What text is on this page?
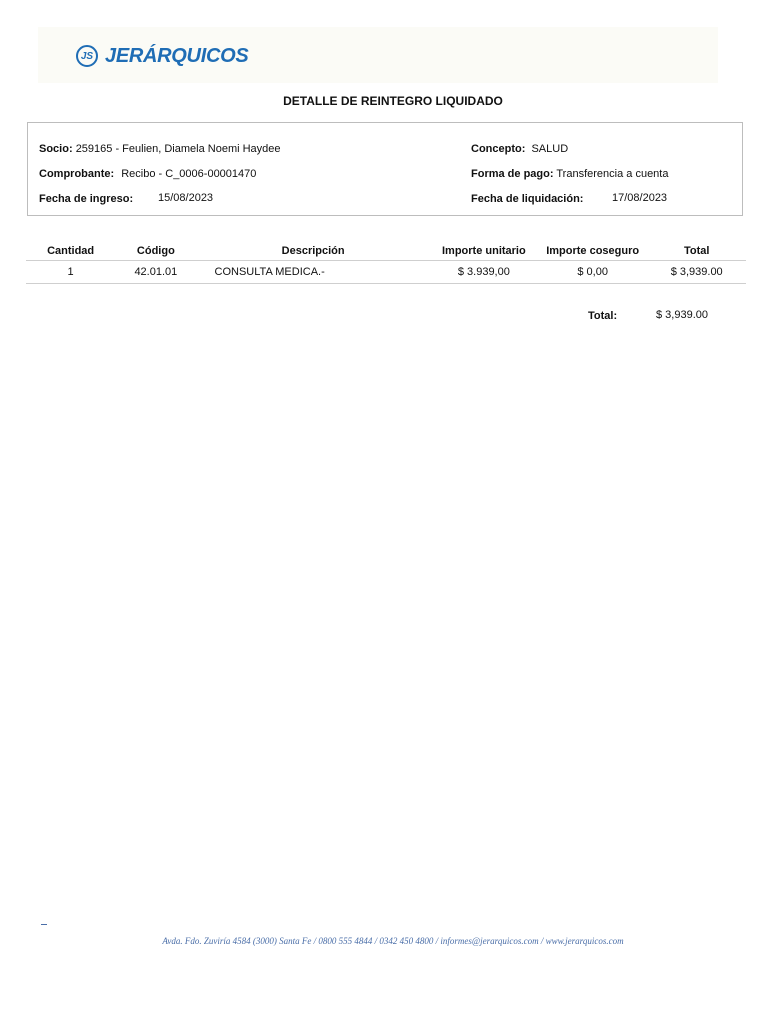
JS JERÁRQUICOS
DETALLE DE REINTEGRO LIQUIDADO
Socio: 259165 - Feulien, Diamela Noemi Haydee
Comprobante: Recibo - C_0006-00001470
Fecha de ingreso: 15/08/2023
Concepto: SALUD
Forma de pago: Transferencia a cuenta
Fecha de liquidación:	17/08/2023
Cantidad	Código	Descripción	Importe unitario	Importe coseguro	Total
1	42.01.01	CONSULTA MEDICA.-	$ 3.939,00	$ 0,00	$ 3,939.00
Total:	$ 3,939.00
Avda. Fdo. Zuviría 4584 (3000) Santa Fe / 0800 555 4844 / 0342 450 4800 / informes@jerarquicos.com / www.jerarquicos.com
